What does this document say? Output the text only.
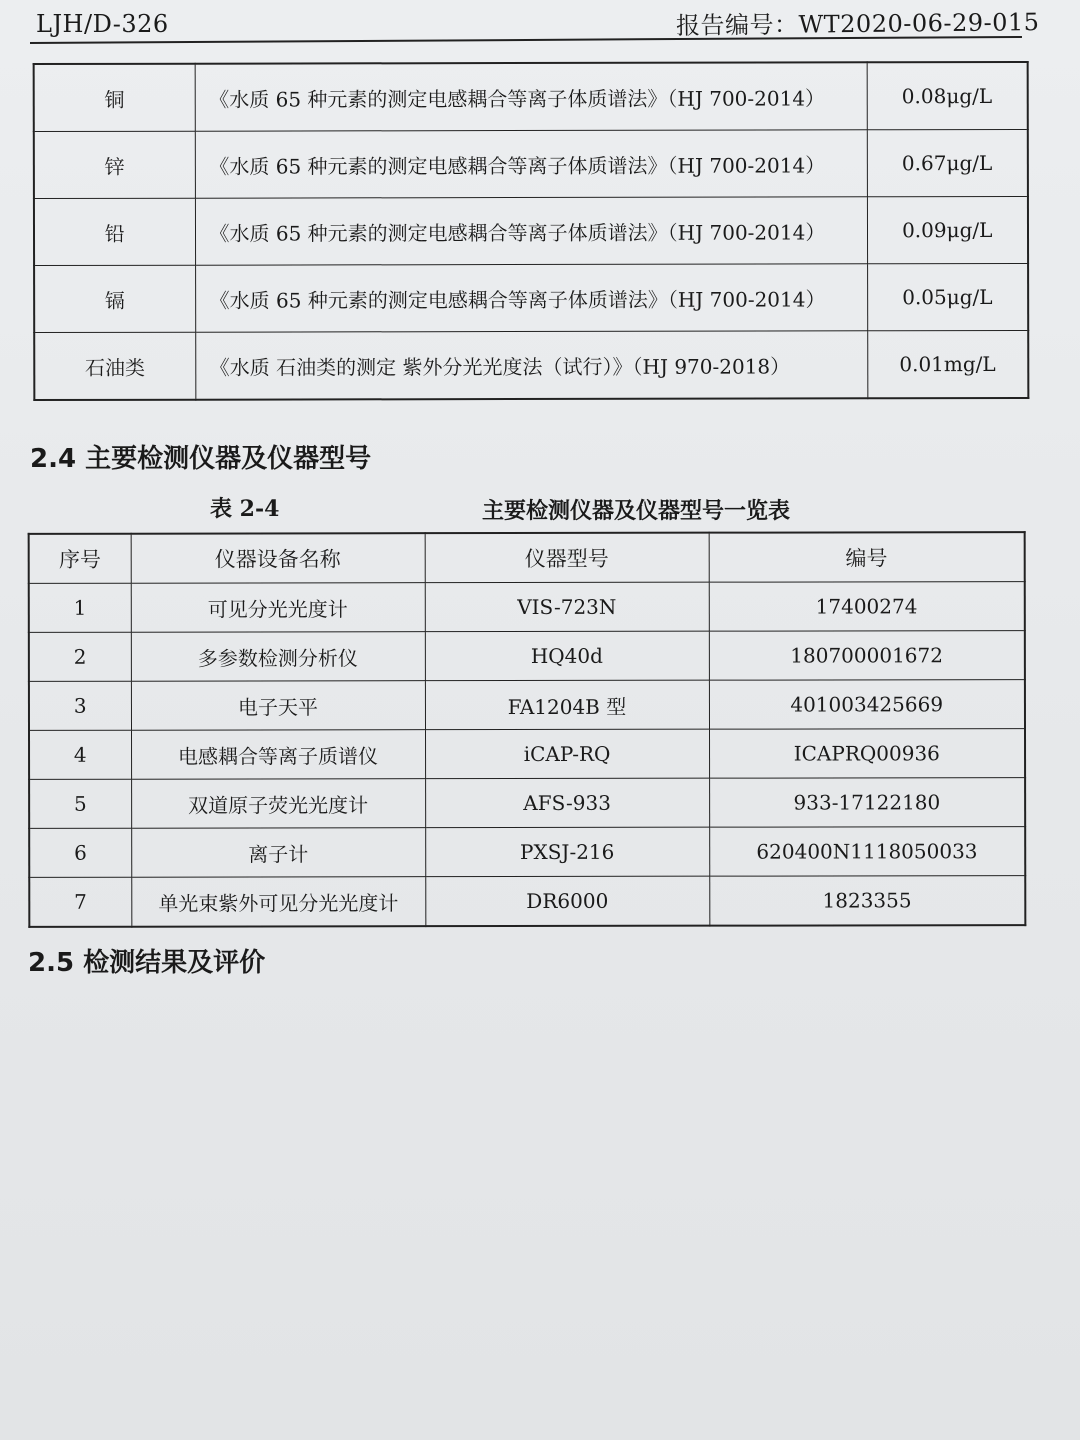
LJH/D-326	报告编号：WT2020-06-29-015
铜	《水质 65 种元素的测定电感耦合等离子体质谱法》（HJ 700-2014）	0.08μg/L
锌	《水质 65 种元素的测定电感耦合等离子体质谱法》（HJ 700-2014）	0.67μg/L
铅	《水质 65 种元素的测定电感耦合等离子体质谱法》（HJ 700-2014）	0.09μg/L
镉	《水质 65 种元素的测定电感耦合等离子体质谱法》（HJ 700-2014）	0.05μg/L
石油类	《水质 石油类的测定 紫外分光光度法（试行）》（HJ 970-2018）	0.01mg/L
2.4 主要检测仪器及仪器型号
表 2-4	主要检测仪器及仪器型号一览表
序号	仪器设备名称	仪器型号	编号
1	可见分光光度计	VIS-723N	17400274
2	多参数检测分析仪	HQ40d	180700001672
3	电子天平	FA1204B 型	401003425669
4	电感耦合等离子质谱仪	iCAP-RQ	ICAPRQ00936
5	双道原子荧光光度计	AFS-933	933-17122180
6	离子计	PXSJ-216	620400N1118050033
7	单光束紫外可见分光光度计	DR6000	1823355
2.5 检测结果及评价
